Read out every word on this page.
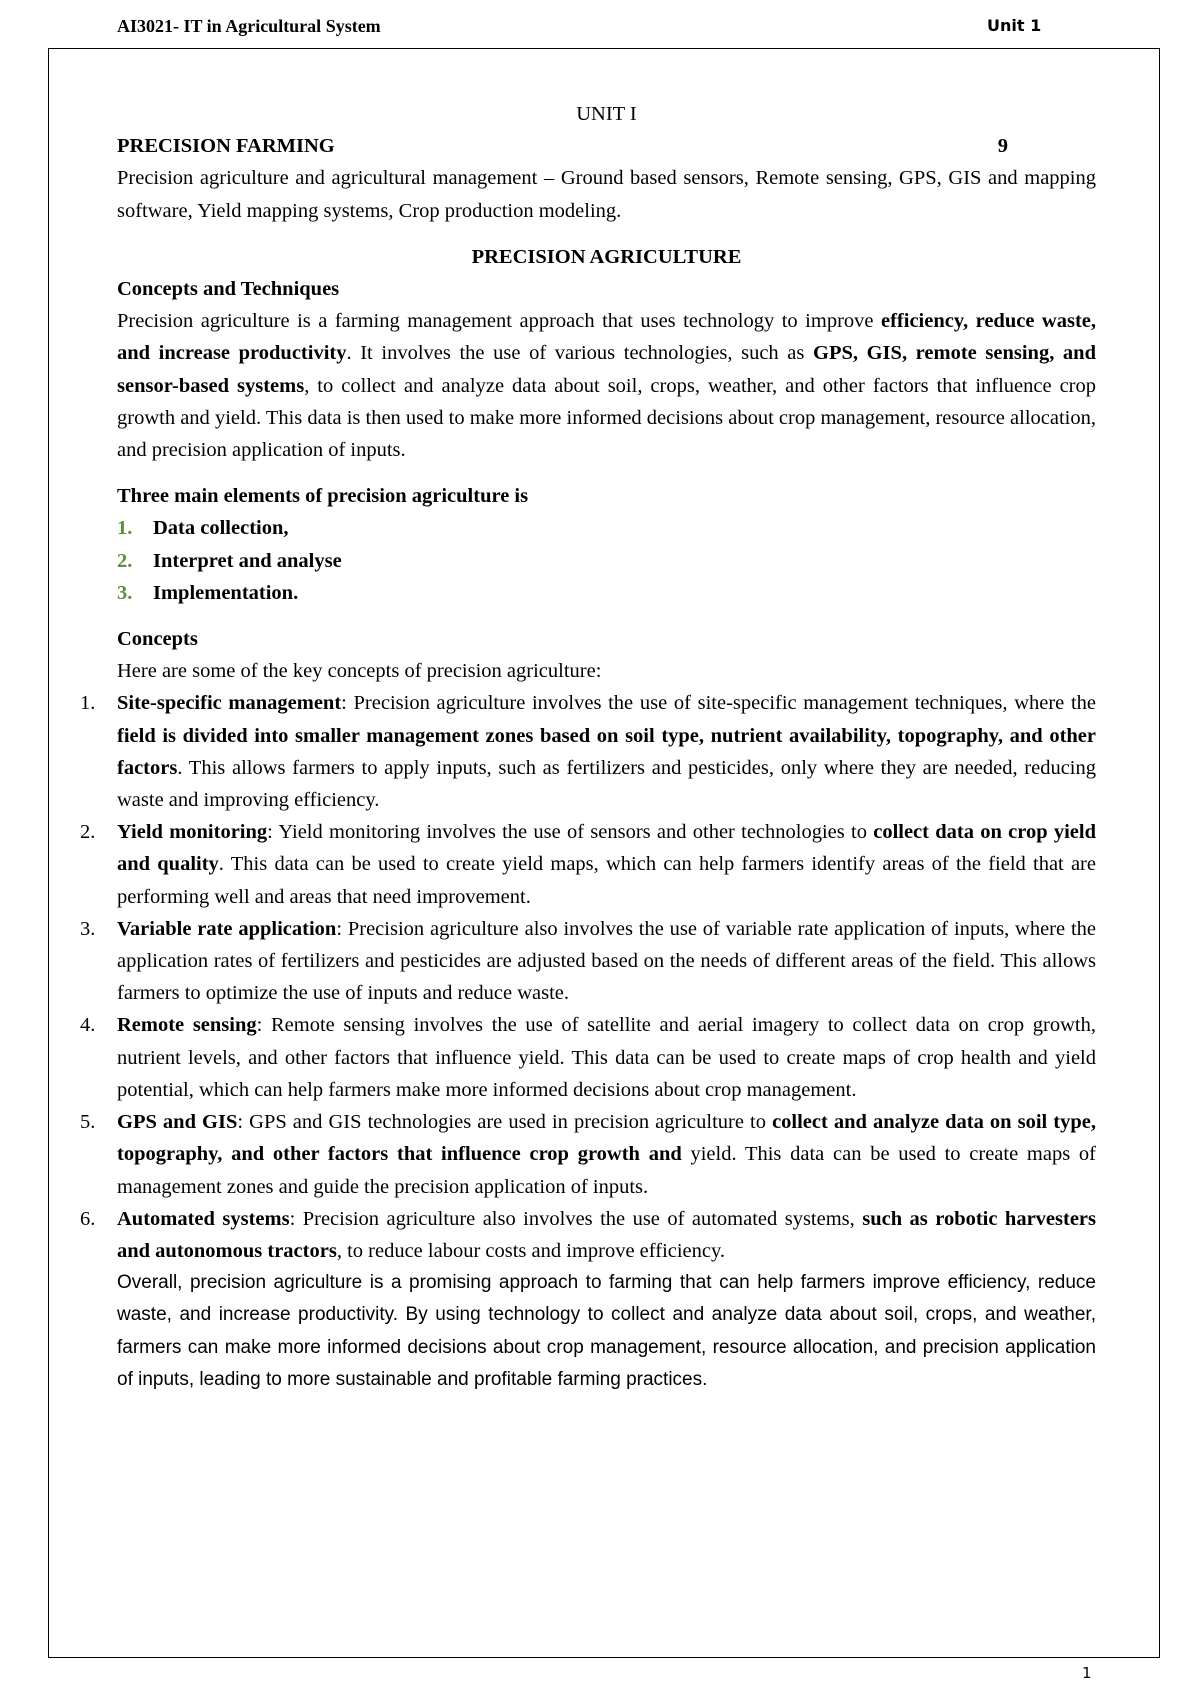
AI3021- IT in Agricultural System	Unit 1
UNIT I
PRECISION FARMING	9
Precision agriculture and agricultural management – Ground based sensors, Remote sensing, GPS, GIS and mapping software, Yield mapping systems, Crop production modeling.
PRECISION AGRICULTURE
Concepts and Techniques
Precision agriculture is a farming management approach that uses technology to improve efficiency, reduce waste, and increase productivity. It involves the use of various technologies, such as GPS, GIS, remote sensing, and sensor-based systems, to collect and analyze data about soil, crops, weather, and other factors that influence crop growth and yield. This data is then used to make more informed decisions about crop management, resource allocation, and precision application of inputs.
Three main elements of precision agriculture is
1.	Data collection,
2.	Interpret and analyse
3.	Implementation.
Concepts
Here are some of the key concepts of precision agriculture:
1. Site-specific management: Precision agriculture involves the use of site-specific management techniques, where the field is divided into smaller management zones based on soil type, nutrient availability, topography, and other factors. This allows farmers to apply inputs, such as fertilizers and pesticides, only where they are needed, reducing waste and improving efficiency.
2. Yield monitoring: Yield monitoring involves the use of sensors and other technologies to collect data on crop yield and quality. This data can be used to create yield maps, which can help farmers identify areas of the field that are performing well and areas that need improvement.
3. Variable rate application: Precision agriculture also involves the use of variable rate application of inputs, where the application rates of fertilizers and pesticides are adjusted based on the needs of different areas of the field. This allows farmers to optimize the use of inputs and reduce waste.
4. Remote sensing: Remote sensing involves the use of satellite and aerial imagery to collect data on crop growth, nutrient levels, and other factors that influence yield. This data can be used to create maps of crop health and yield potential, which can help farmers make more informed decisions about crop management.
5. GPS and GIS: GPS and GIS technologies are used in precision agriculture to collect and analyze data on soil type, topography, and other factors that influence crop growth and yield. This data can be used to create maps of management zones and guide the precision application of inputs.
6. Automated systems: Precision agriculture also involves the use of automated systems, such as robotic harvesters and autonomous tractors, to reduce labour costs and improve efficiency.
Overall, precision agriculture is a promising approach to farming that can help farmers improve efficiency, reduce waste, and increase productivity. By using technology to collect and analyze data about soil, crops, and weather, farmers can make more informed decisions about crop management, resource allocation, and precision application of inputs, leading to more sustainable and profitable farming practices.
1
